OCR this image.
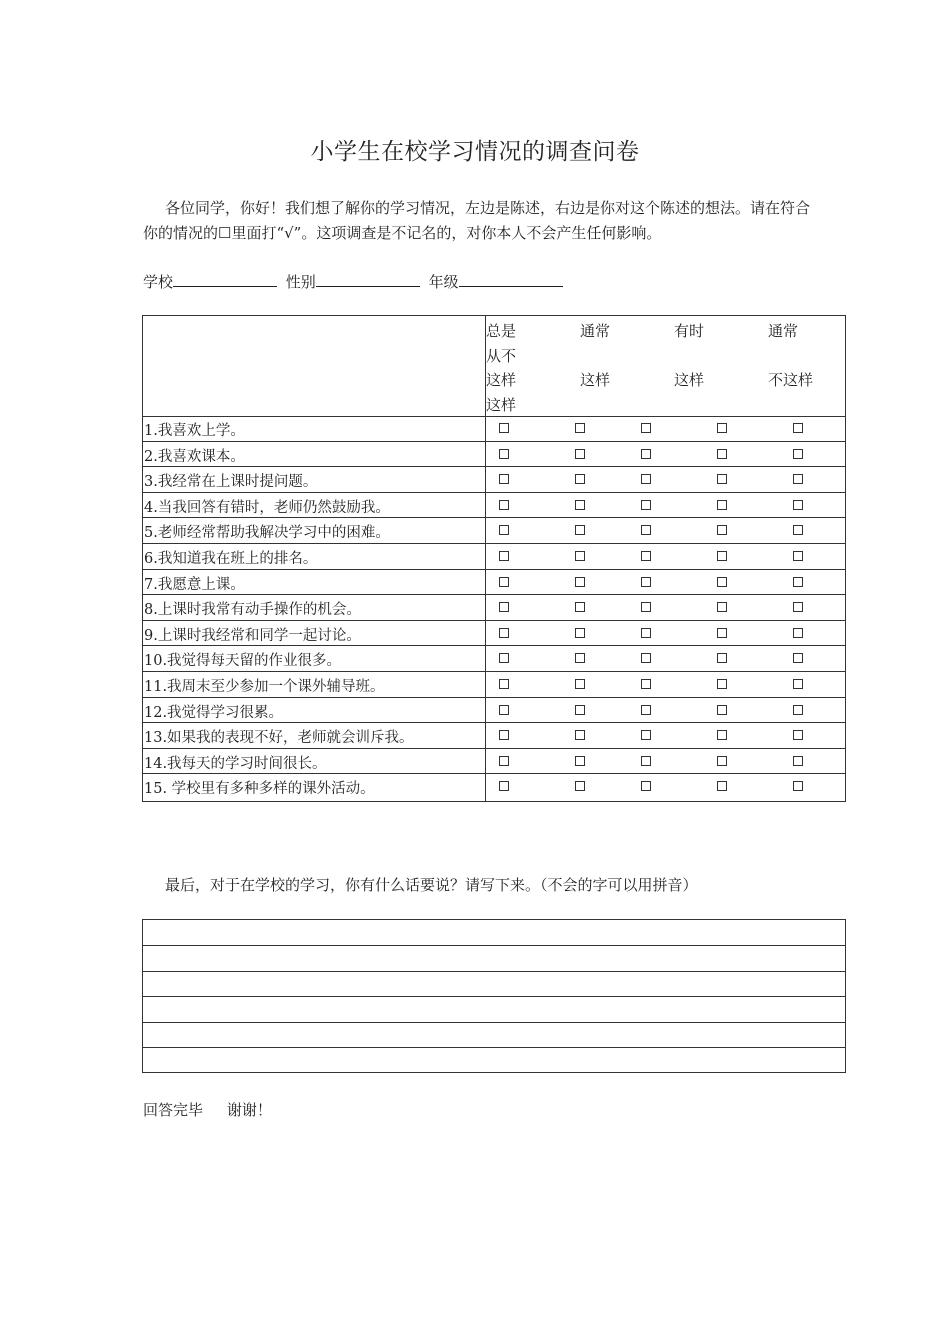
小学生在校学习情况的调查问卷
各位同学，你好！我们想了解你的学习情况，左边是陈述，右边是你对这个陈述的想法。请在符合你的情况的☐里面打“√”。这项调查是不记名的，对你本人不会产生任何影响。
学校	性别	年级
总是
从不
这样
这样
通常

这样
有时

这样
通常

不这样
1.我喜欢上学。
2.我喜欢课本。
3.我经常在上课时提问题。
4.当我回答有错时，老师仍然鼓励我。
5.老师经常帮助我解决学习中的困难。
6.我知道我在班上的排名。
7.我愿意上课。
8.上课时我常有动手操作的机会。
9.上课时我经常和同学一起讨论。
10.我觉得每天留的作业很多。
11.我周末至少参加一个课外辅导班。
12.我觉得学习很累。
13.如果我的表现不好，老师就会训斥我。
14.我每天的学习时间很长。
15. 学校里有多种多样的课外活动。
最后，对于在学校的学习，你有什么话要说？请写下来。（不会的字可以用拼音）
回答完毕     谢谢！
